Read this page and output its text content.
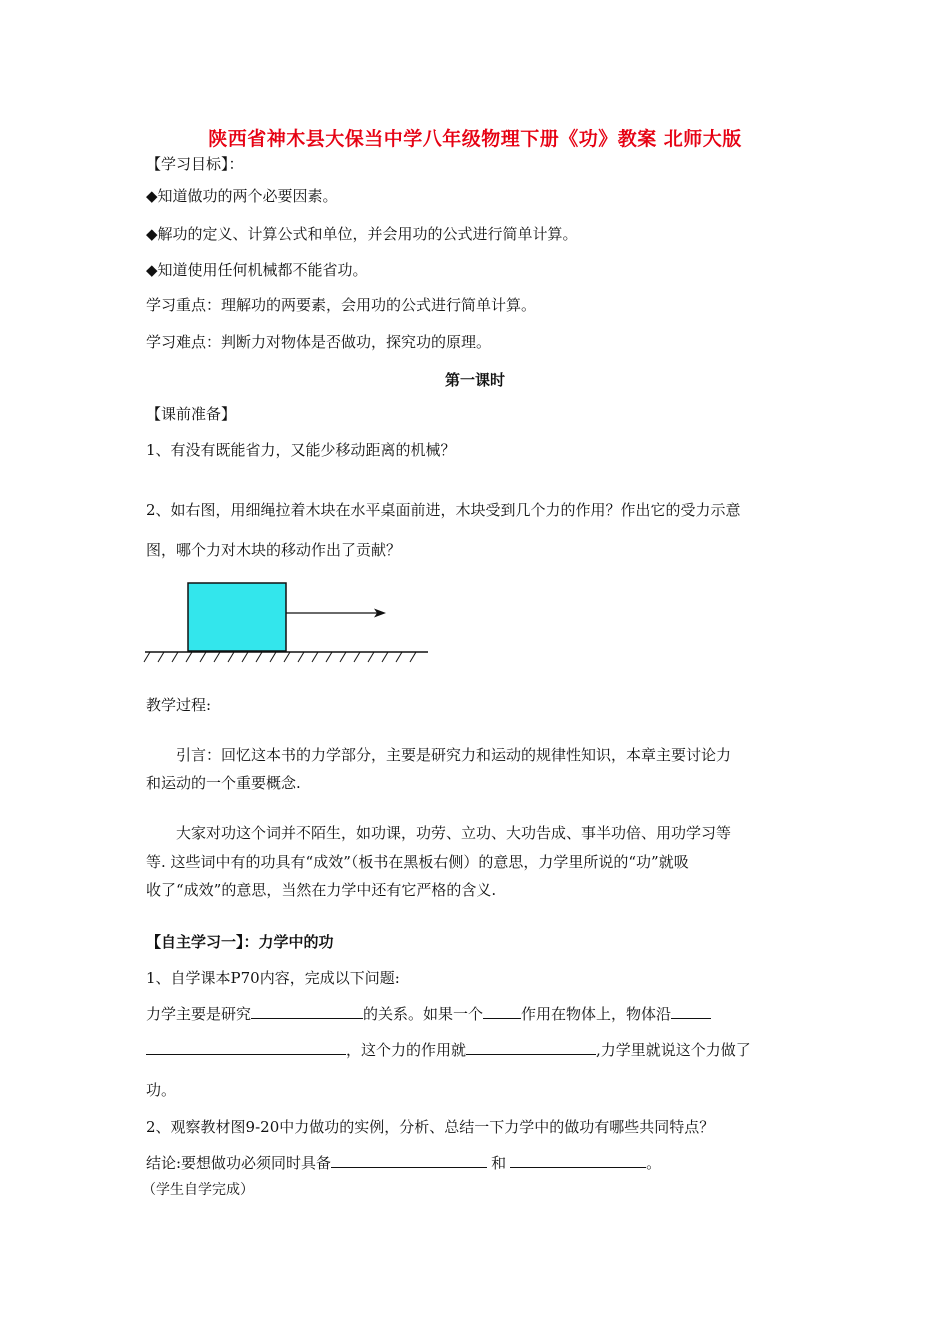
陕西省神木县大保当中学八年级物理下册《功》教案 北师大版
【学习目标】：
◆知道做功的两个必要因素。
◆解功的定义、计算公式和单位，并会用功的公式进行简单计算。
◆知道使用任何机械都不能省功。
学习重点：理解功的两要素，会用功的公式进行简单计算。
学习难点：判断力对物体是否做功，探究功的原理。
第一课时
【课前准备】
1、有没有既能省力，又能少移动距离的机械？
2、如右图，用细绳拉着木块在水平桌面前进，木块受到几个力的作用？作出它的受力示意
图，哪个力对木块的移动作出了贡献？
教学过程:
引言：回忆这本书的力学部分，主要是研究力和运动的规律性知识，本章主要讨论力
和运动的一个重要概念.
大家对功这个词并不陌生，如功课，功劳、立功、大功告成、事半功倍、用功学习等
等. 这些词中有的功具有“成效”（板书在黑板右侧）的意思，力学里所说的“功”就吸
收了“成效”的意思，当然在力学中还有它严格的含义.
【自主学习一】：力学中的功
1、自学课本P70内容，完成以下问题:
力学主要是研究	的关系。如果一个	作用在物体上，物体沿
，这个力的作用就	,力学里就说这个力做了
功。
2、观察教材图9-20中力做功的实例，分析、总结一下力学中的做功有哪些共同特点？
结论:要想做功必须同时具备	和	。
（学生自学完成）
